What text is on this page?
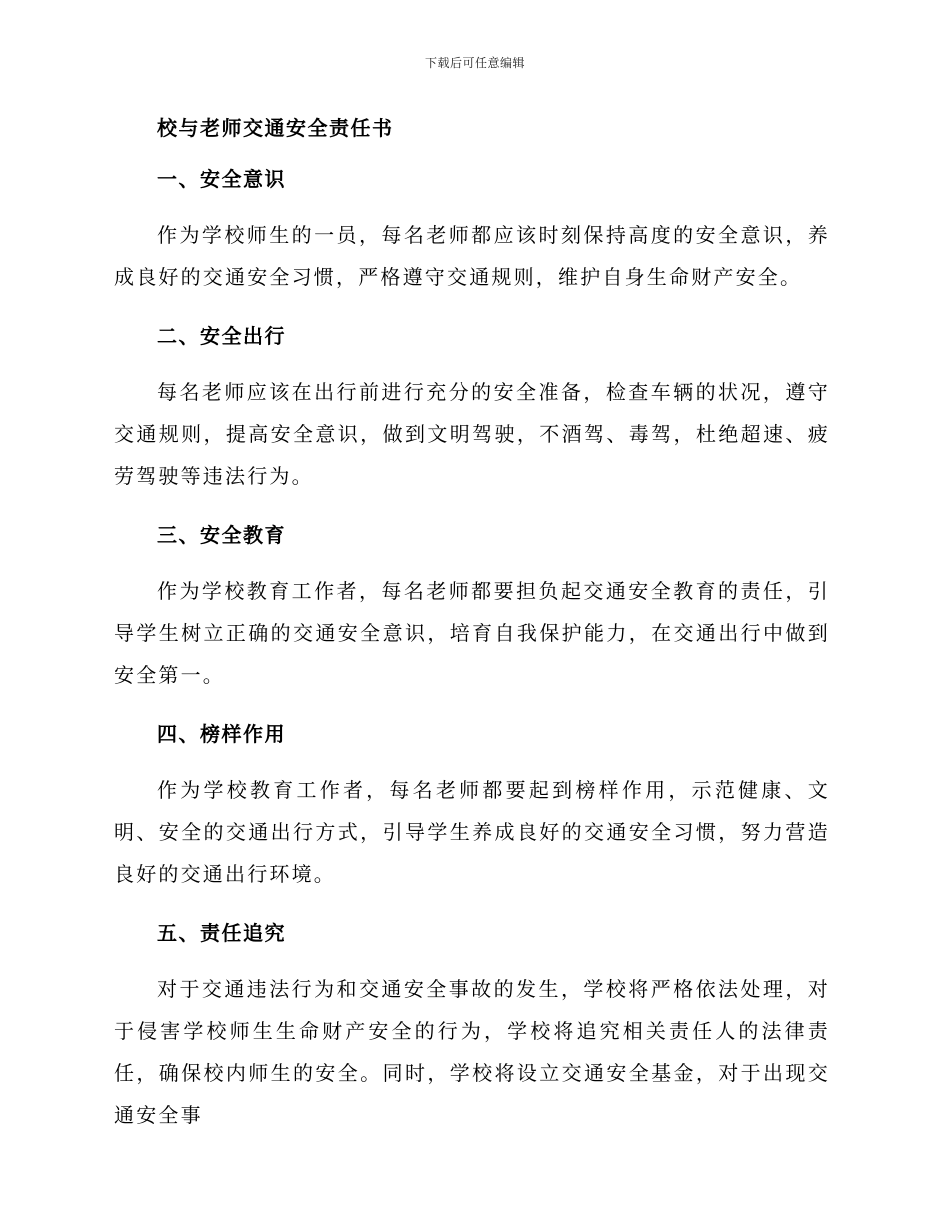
下载后可任意编辑
校与老师交通安全责任书
一、安全意识

作为学校师生的一员，每名老师都应该时刻保持高度的安全意识，养成良好的交通安全习惯，严格遵守交通规则，维护自身生命财产安全。

二、安全出行

每名老师应该在出行前进行充分的安全准备，检查车辆的状况，遵守交通规则，提高安全意识，做到文明驾驶，不酒驾、毒驾，杜绝超速、疲劳驾驶等违法行为。

三、安全教育

作为学校教育工作者，每名老师都要担负起交通安全教育的责任，引导学生树立正确的交通安全意识，培育自我保护能力，在交通出行中做到安全第一。

四、榜样作用

作为学校教育工作者，每名老师都要起到榜样作用，示范健康、文明、安全的交通出行方式，引导学生养成良好的交通安全习惯，努力营造良好的交通出行环境。

五、责任追究

对于交通违法行为和交通安全事故的发生，学校将严格依法处理，对于侵害学校师生生命财产安全的行为，学校将追究相关责任人的法律责任，确保校内师生的安全。同时，学校将设立交通安全基金，对于出现交通安全事
